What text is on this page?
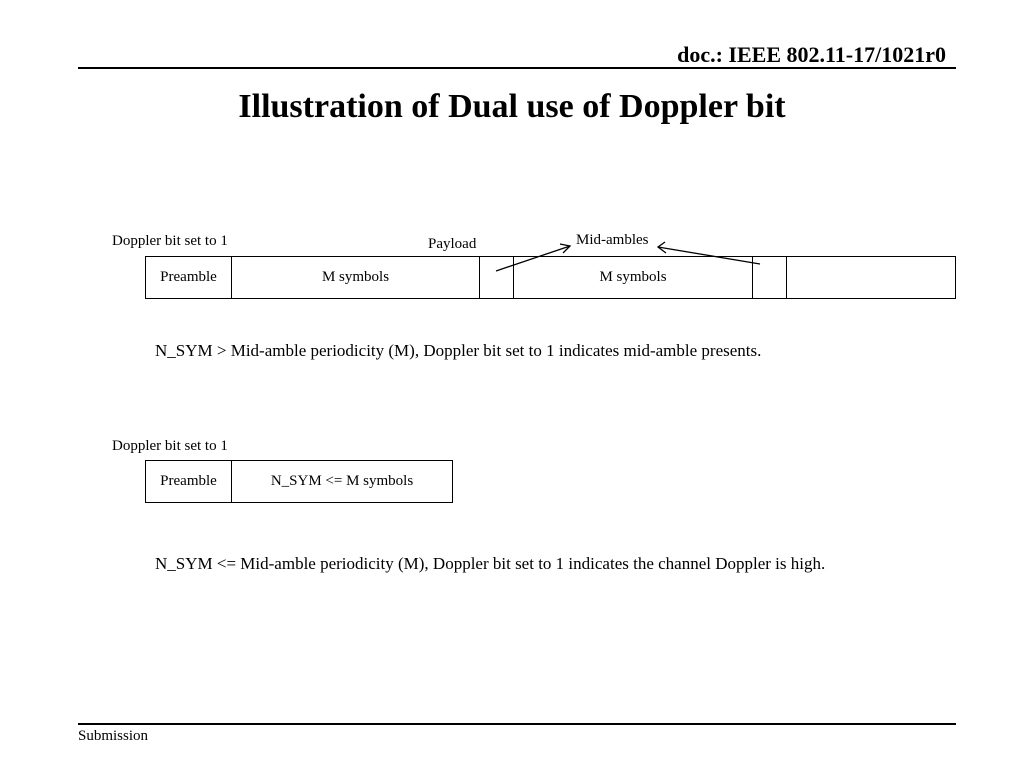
doc.: IEEE 802.11-17/1021r0
Illustration of Dual use of Doppler bit
Doppler bit set to 1	Payload	Mid-ambles
Preamble	M symbols	M symbols
N_SYM > Mid-amble periodicity (M), Doppler bit set to 1 indicates mid-amble presents.
Doppler bit set to 1
Preamble	N_SYM <= M symbols
N_SYM <= Mid-amble periodicity (M), Doppler bit set to 1 indicates the channel Doppler is high.
Submission
